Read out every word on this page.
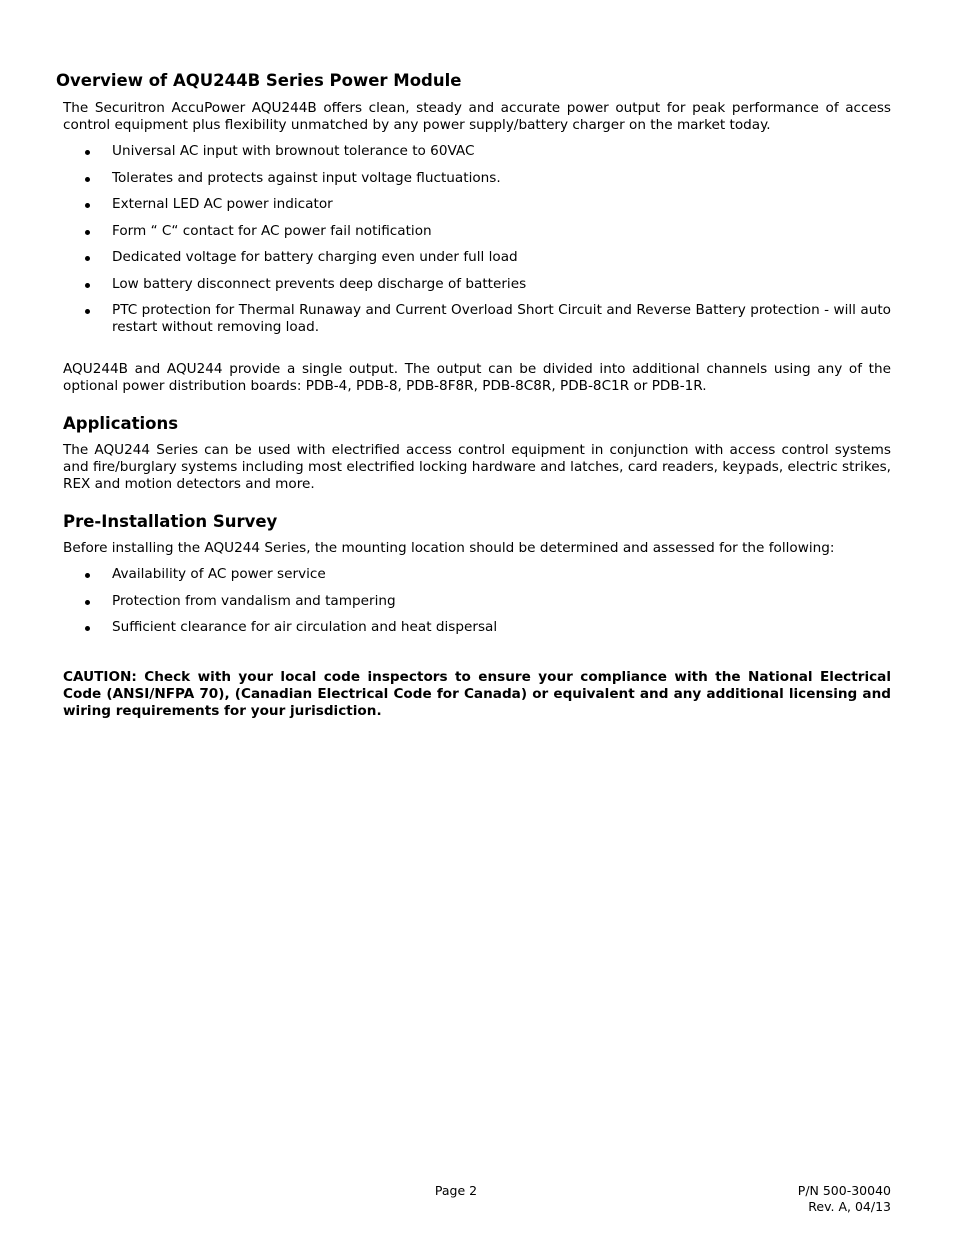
Overview of AQU244B Series Power Module

The Securitron AccuPower AQU244B offers clean, steady and accurate power output for peak performance of access control equipment plus flexibility unmatched by any power supply/battery charger on the market today.

Universal AC input with brownout tolerance to 60VAC
Tolerates and protects against input voltage fluctuations.
External LED AC power indicator
Form “ C“ contact for AC power fail notification
Dedicated voltage for battery charging even under full load
Low battery disconnect prevents deep discharge of batteries
PTC protection for Thermal Runaway and Current Overload Short Circuit and Reverse Battery protection - will auto restart without removing load.

AQU244B and AQU244 provide a single output. The output can be divided into additional channels using any of the optional power distribution boards: PDB-4, PDB-8, PDB-8F8R, PDB-8C8R, PDB-8C1R or PDB-1R.

Applications

The AQU244 Series can be used with electrified access control equipment in conjunction with access control systems and fire/burglary systems including most electrified locking hardware and latches, card readers, keypads, electric strikes, REX and motion detectors and more.

Pre-Installation Survey

Before installing the AQU244 Series, the mounting location should be determined and assessed for the following:

Availability of AC power service
Protection from vandalism and tampering
Sufficient clearance for air circulation and heat dispersal

CAUTION: Check with your local code inspectors to ensure your compliance with the National Electrical Code (ANSI/NFPA 70), (Canadian Electrical Code for Canada) or equivalent and any additional licensing and wiring requirements for your jurisdiction.

Page 2	P/N 500-30040
Rev. A, 04/13
